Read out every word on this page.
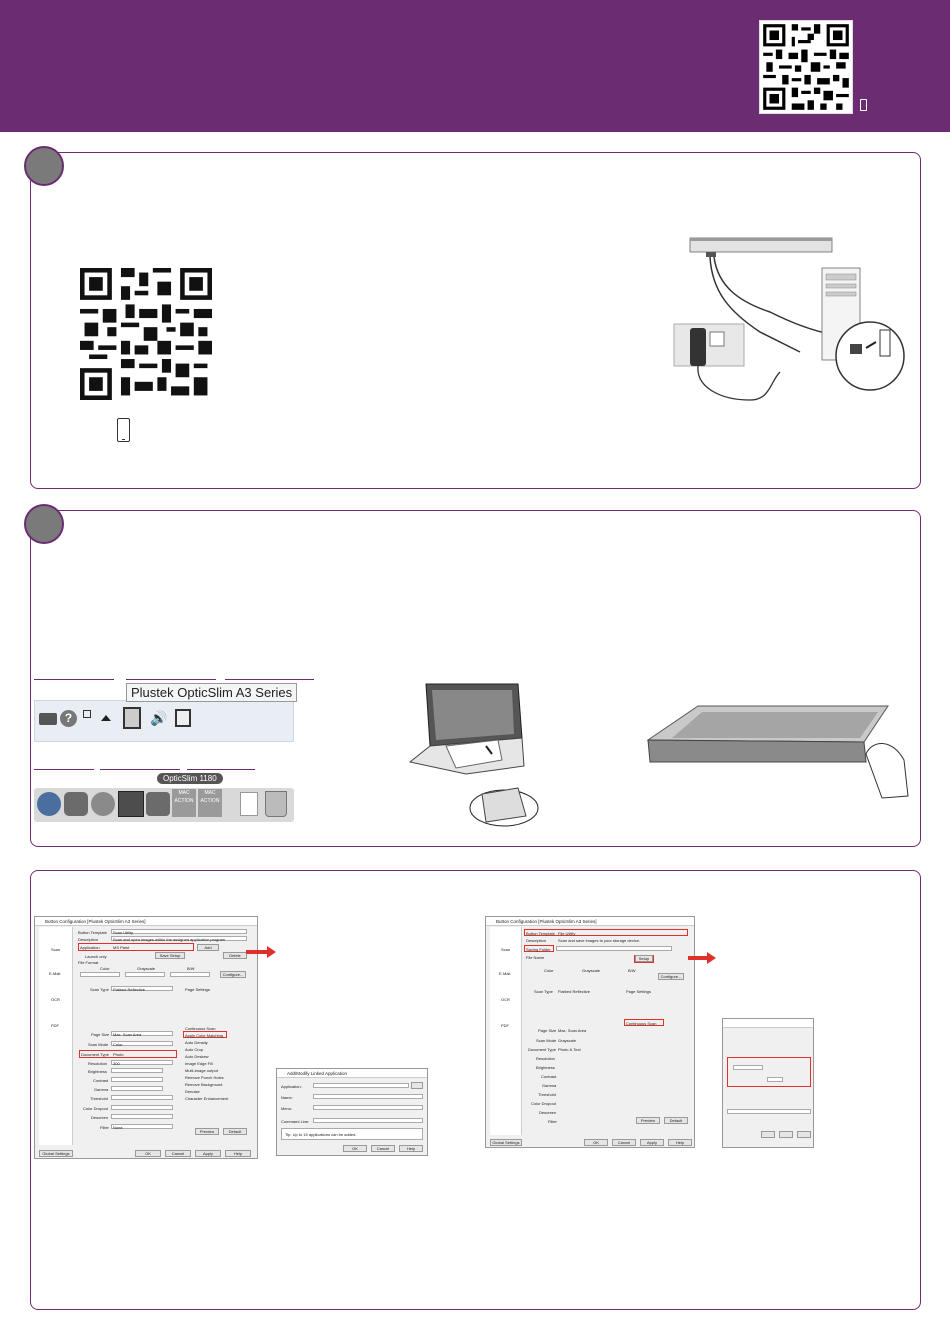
?	🔊
Plustek OpticSlim A3 Series
OpticSlim 1180
MAC
ACTION
MAC
ACTION
Button Configuration [Plustek OpticSlim A3 Series]
Scan
E-Mail
OCR
PDF
Button Template Scan Utility
Description	Scan and open images within the assigned application program
Application	MS Paint	Add
Delete
Launch only	Save Setup
File Format
Color	Grayscale	B/W
Configure...
Scan Type Flatbed Reflective	Page Settings
Page Size Max. Scan Area
Scan Mode Color
Document Type Photo
Resolution 300
Brightness
Contrast
Gamma
Threshold
Color Dropout
Descreen
Filter None
Continuous Scan
Apply Color Matching
Auto Density
Auto Crop
Auto Deskew
Image Edge Fill
Multi-image output
Remove Punch Holes
Remove Background
Denoise
Character Enhancement
Preview	Default
Global Settings	OK	Cancel	Apply	Help
Add/Modify Linked Application
Application:
Name:
Menu:
Command Line:
Tip: Up to 15 applications can be added.
OK	Cancel	Help
Button Configuration [Plustek OpticSlim A3 Series]
Scan
E-Mail
OCR
PDF
Button Template File Utility
Description	Scan and save images to your storage device.
Saving Folder
File Name	Setup
Color	Grayscale	B/W
Configure...
Scan Type Flatbed Reflective	Page Settings
Continuous Scan
Page Size Max. Scan Area
Scan Mode Grayscale
Document Type Photo & Text
Resolution
Brightness
Contrast
Gamma
Threshold
Color Dropout
Descreen
Filter	Preview	Default
Global Settings	OK	Cancel	Apply	Help
